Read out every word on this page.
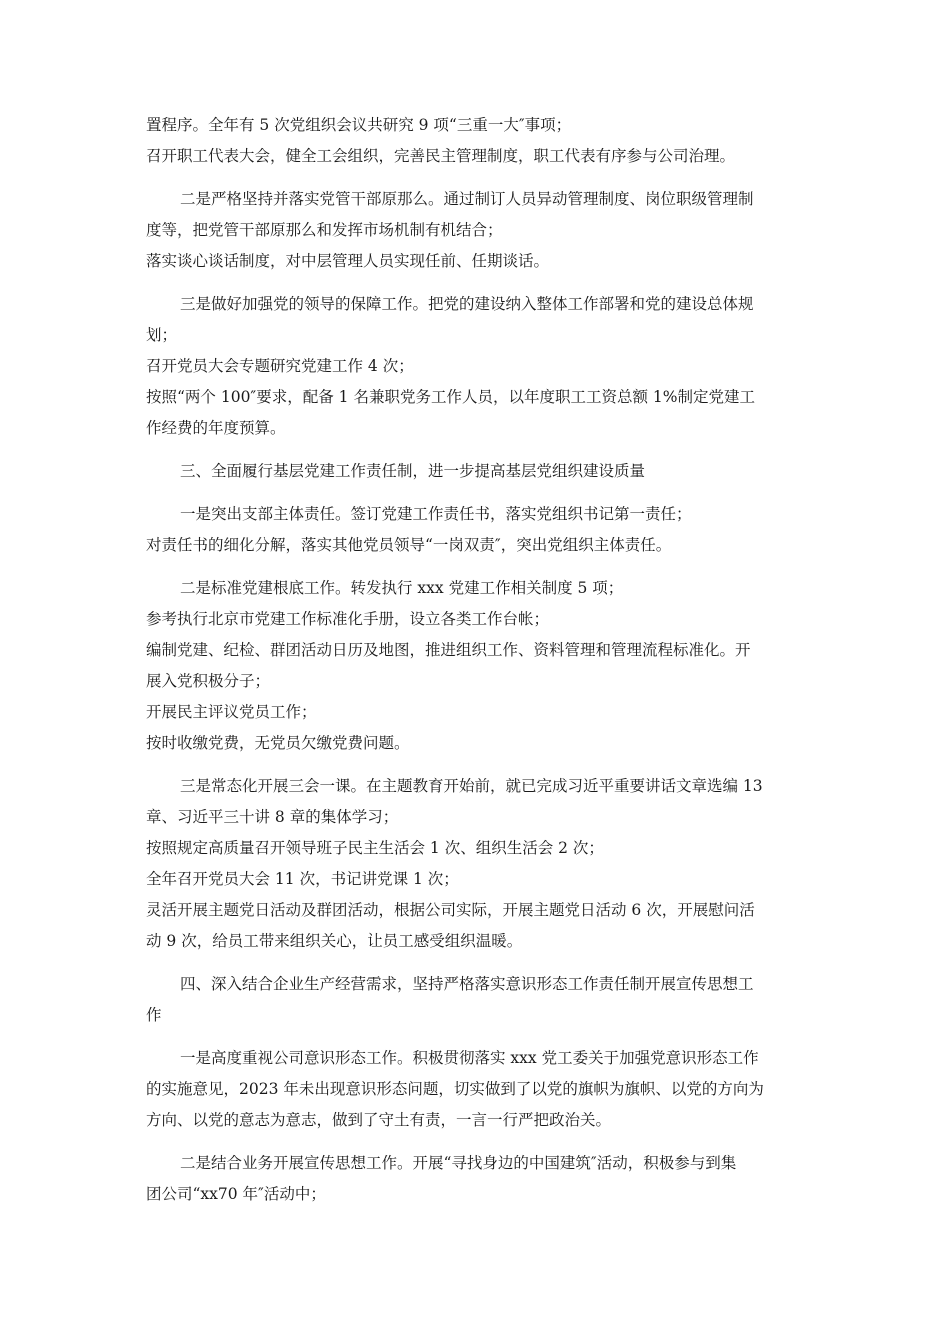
置程序。全年有 5 次党组织会议共研究 9 项“三重一大″事项；
召开职工代表大会，健全工会组织，完善民主管理制度，职工代表有序参与公司治理。
二是严格坚持并落实党管干部原那么。通过制订人员异动管理制度、岗位职级管理制
度等，把党管干部原那么和发挥市场机制有机结合；
落实谈心谈话制度，对中层管理人员实现任前、任期谈话。
三是做好加强党的领导的保障工作。把党的建设纳入整体工作部署和党的建设总体规
划；
召开党员大会专题研究党建工作 4 次；
按照“两个 100″要求，配备 1 名兼职党务工作人员，以年度职工工资总额 1%制定党建工
作经费的年度预算。
三、全面履行基层党建工作责任制，进一步提高基层党组织建设质量
一是突出支部主体责任。签订党建工作责任书，落实党组织书记第一责任；
对责任书的细化分解，落实其他党员领导“一岗双责″，突出党组织主体责任。
二是标准党建根底工作。转发执行 xxx 党建工作相关制度 5 项；
参考执行北京市党建工作标准化手册，设立各类工作台帐；
编制党建、纪检、群团活动日历及地图，推进组织工作、资料管理和管理流程标准化。开
展入党积极分子；
开展民主评议党员工作；
按时收缴党费，无党员欠缴党费问题。
三是常态化开展三会一课。在主题教育开始前，就已完成习近平重要讲话文章选编 13
章、习近平三十讲 8 章的集体学习；
按照规定高质量召开领导班子民主生活会 1 次、组织生活会 2 次；
全年召开党员大会 11 次，书记讲党课 1 次；
灵活开展主题党日活动及群团活动，根据公司实际，开展主题党日活动 6 次，开展慰问活
动 9 次，给员工带来组织关心，让员工感受组织温暖。
四、深入结合企业生产经营需求，坚持严格落实意识形态工作责任制开展宣传思想工
作
一是高度重视公司意识形态工作。积极贯彻落实 xxx 党工委关于加强党意识形态工作
的实施意见，2023 年未出现意识形态问题，切实做到了以党的旗帜为旗帜、以党的方向为
方向、以党的意志为意志，做到了守土有责，一言一行严把政治关。
二是结合业务开展宣传思想工作。开展“寻找身边的中国建筑″活动，积极参与到集
团公司“xx70 年″活动中；
